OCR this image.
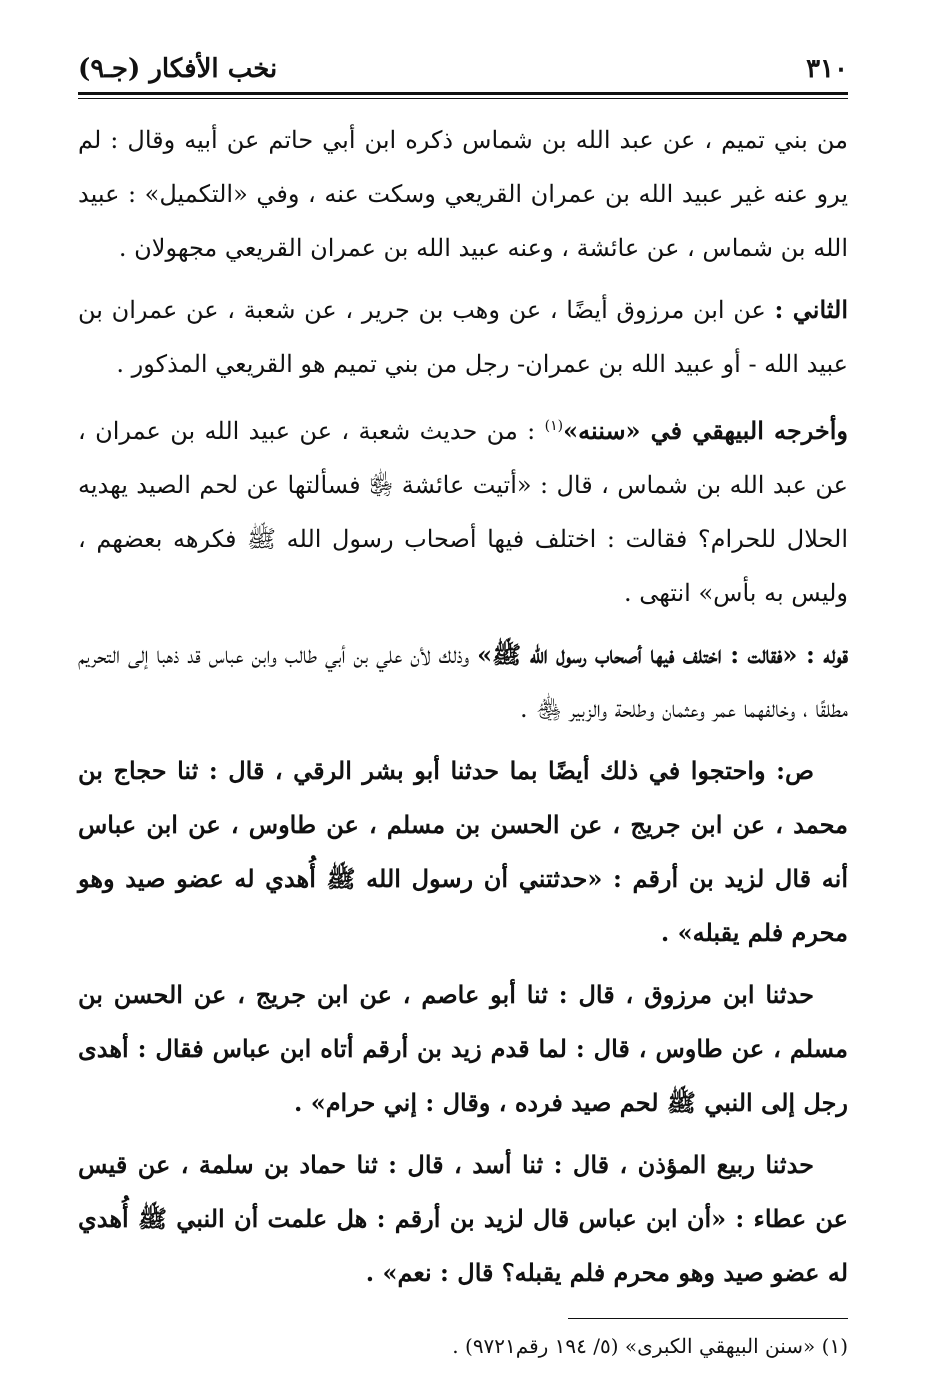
٣١٠
نخب الأفكار (جـ٩)

من بني تميم ، عن عبد الله بن شماس ذكره ابن أبي حاتم عن أبيه وقال : لم يرو عنه غير عبيد الله بن عمران القريعي وسكت عنه ، وفي «التكميل» : عبيد الله بن شماس ، عن عائشة ، وعنه عبيد الله بن عمران القريعي مجهولان .

الثاني : عن ابن مرزوق أيضًا ، عن وهب بن جرير ، عن شعبة ، عن عمران بن عبيد الله - أو عبيد الله بن عمران- رجل من بني تميم هو القريعي المذكور .

وأخرجه البيهقي في «سننه»$^{(١)}$ : من حديث شعبة ، عن عبيد الله بن عمران ، عن عبد الله بن شماس ، قال : «أتيت عائشة ﵂ فسألتها عن لحم الصيد يهديه الحلال للحرام؟ فقالت : اختلف فيها أصحاب رسول الله ﷺ فكرهه بعضهم ، وليس به بأس» انتهى .

قوله : «فقالت : اختلف فيها أصحاب رسول الله ﷺ» وذلك لأن علي بن أبي طالب وابن عباس قد ذهبا إلى التحريم مطلقًا ، وخالفهما عمر وعثمان وطلحة والزبير ﵃ .

ص: واحتجوا في ذلك أيضًا بما حدثنا أبو بشر الرقي ، قال : ثنا حجاج بن محمد ، عن ابن جريج ، عن الحسن بن مسلم ، عن طاوس ، عن ابن عباس أنه قال لزيد بن أرقم : «حدثتني أن رسول الله ﷺ أُهدي له عضو صيد وهو محرم فلم يقبله» .

حدثنا ابن مرزوق ، قال : ثنا أبو عاصم ، عن ابن جريج ، عن الحسن بن مسلم ، عن طاوس ، قال : لما قدم زيد بن أرقم أتاه ابن عباس فقال : أهدى رجل إلى النبي ﷺ لحم صيد فرده ، وقال : إني حرام» .

حدثنا ربيع المؤذن ، قال : ثنا أسد ، قال : ثنا حماد بن سلمة ، عن قيس عن عطاء : «أن ابن عباس قال لزيد بن أرقم : هل علمت أن النبي ﷺ أُهدي له عضو صيد وهو محرم فلم يقبله؟ قال : نعم» .

(١) «سنن البيهقي الكبرى» (٥/ ١٩٤ رقم٩٧٢١) .
